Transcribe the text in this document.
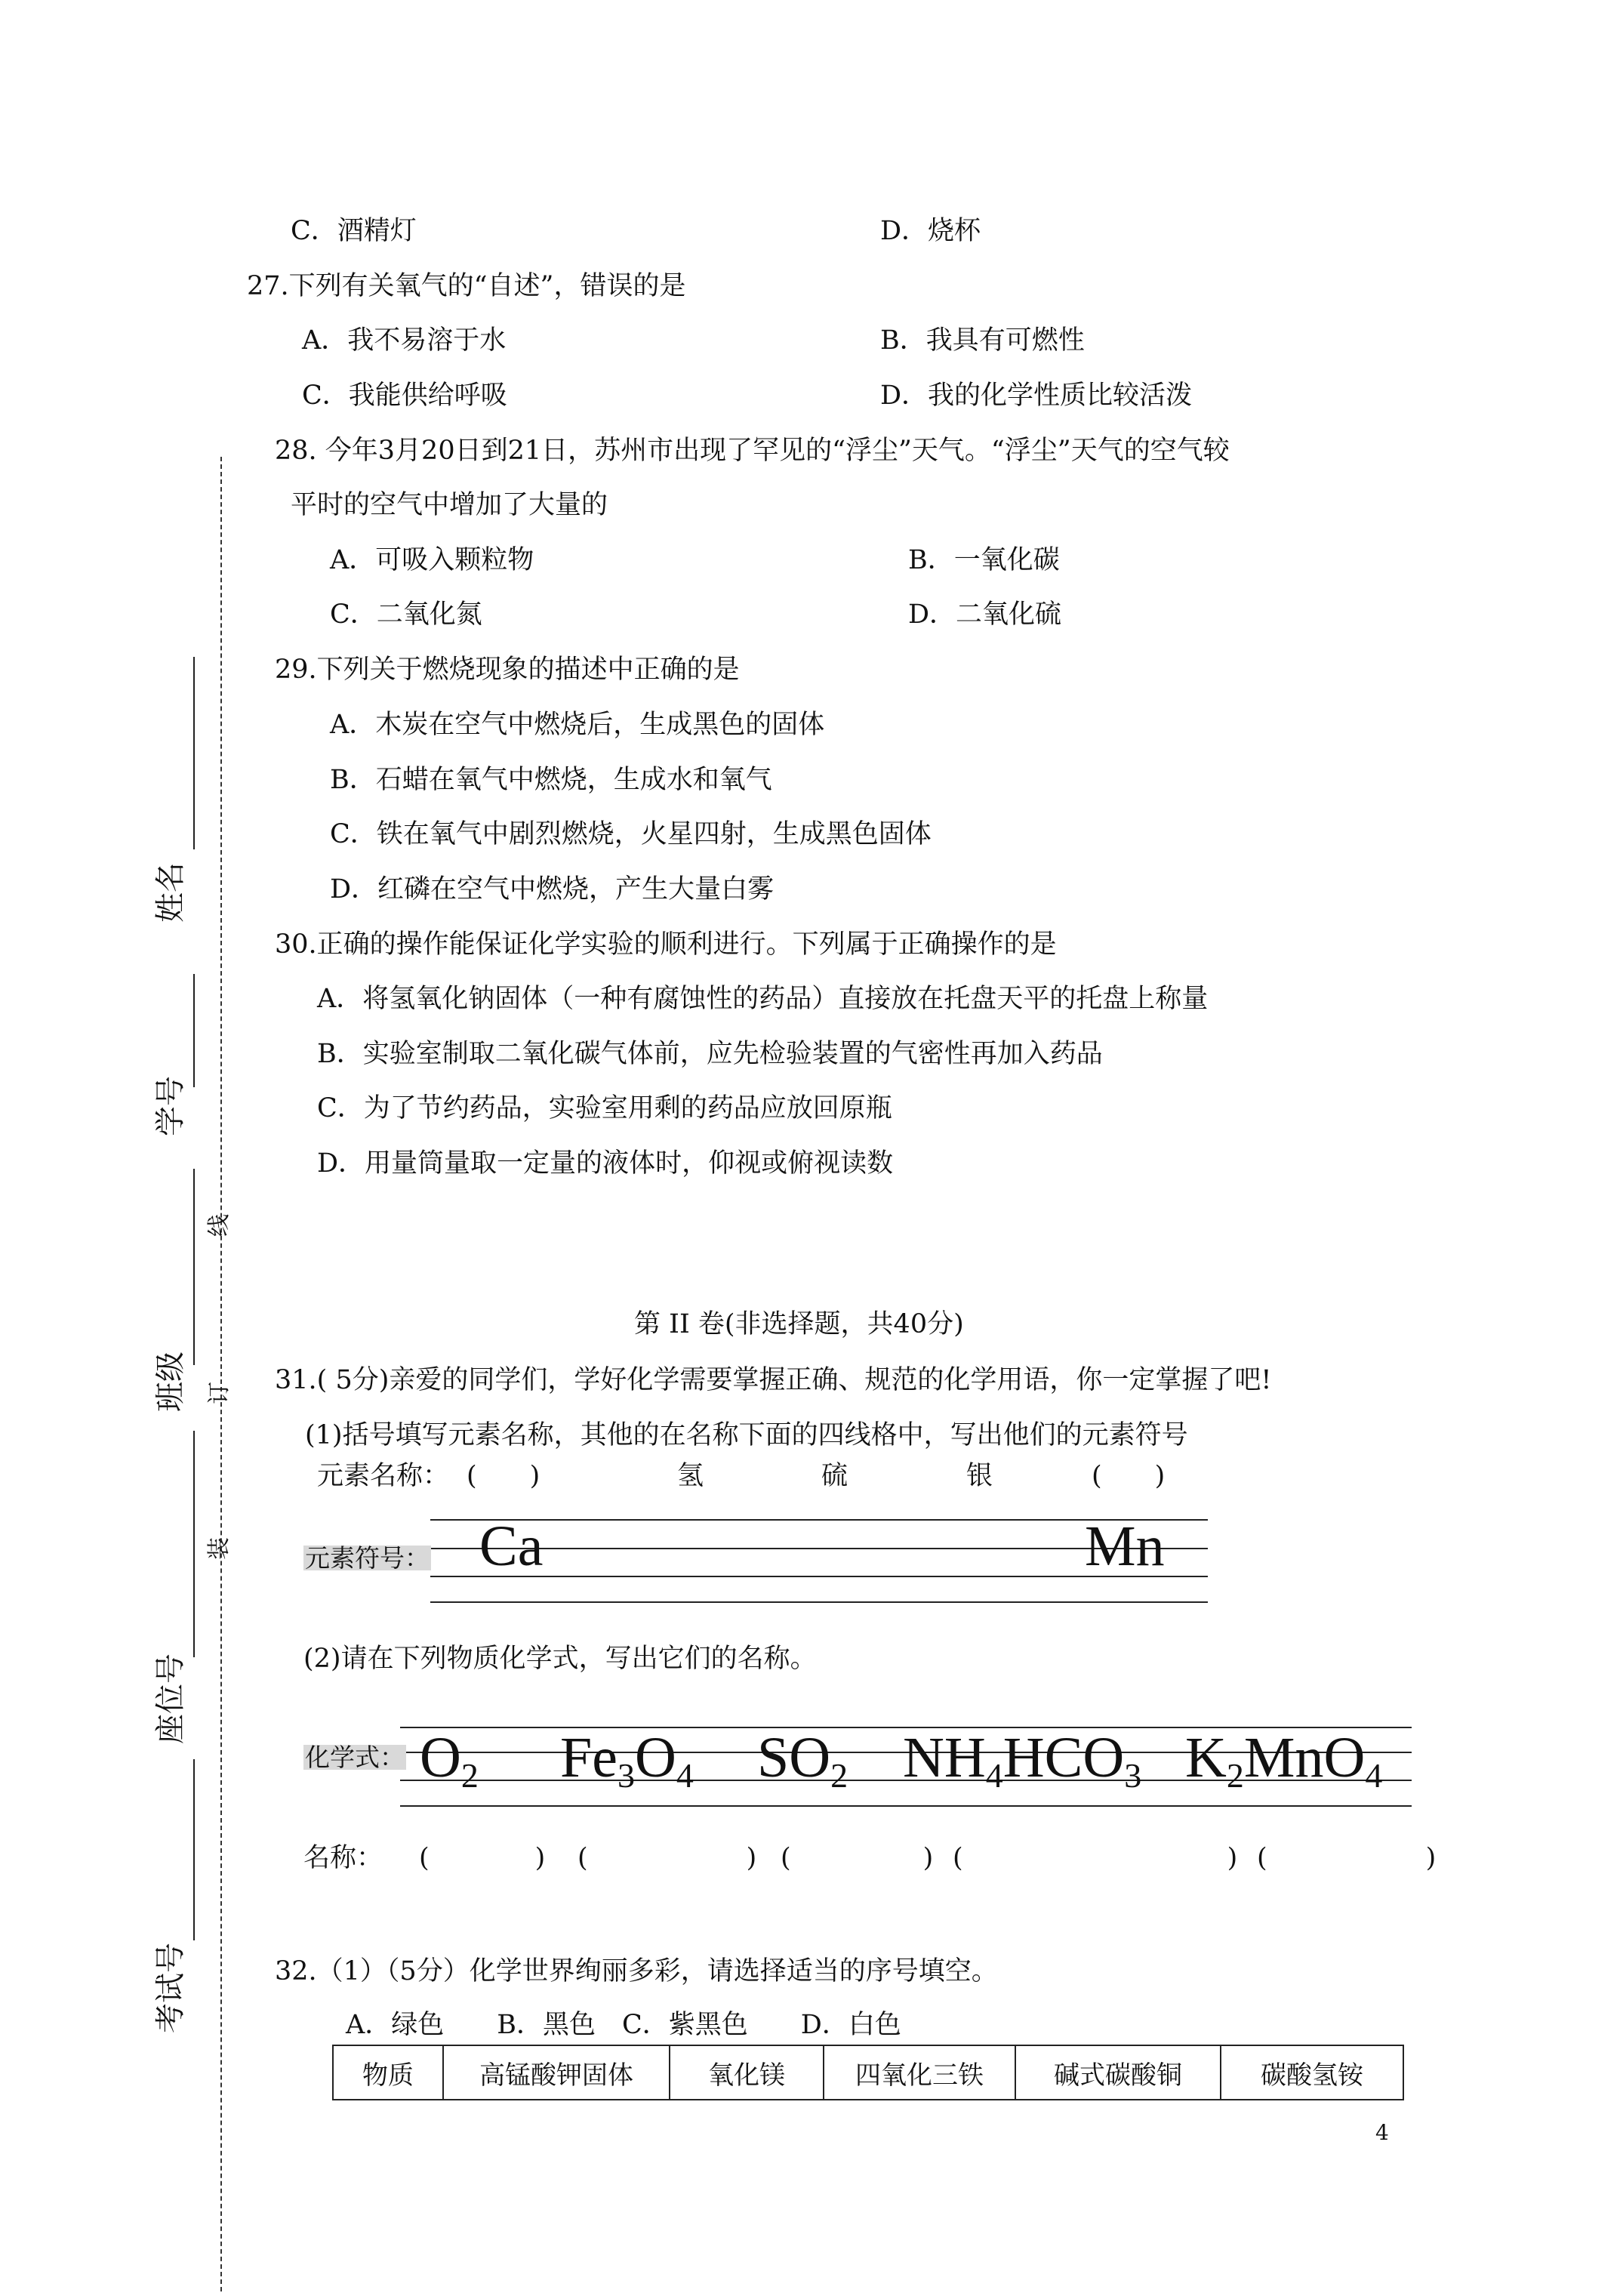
线
订
装
姓名
学号
班级
座位号
考试号
C．酒精灯	D．烧杯
27.下列有关氧气的“自述”，错误的是
A．我不易溶于水	B．我具有可燃性
C．我能供给呼吸	D．我的化学性质比较活泼
28. 今年3月20日到21日，苏州市出现了罕见的“浮尘”天气。“浮尘”天气的空气较
平时的空气中增加了大量的
A．可吸入颗粒物	B．一氧化碳
C．二氧化氮	D．二氧化硫
29.下列关于燃烧现象的描述中正确的是
A．木炭在空气中燃烧后，生成黑色的固体
B．石蜡在氧气中燃烧，生成水和氧气
C．铁在氧气中剧烈燃烧，火星四射，生成黑色固体
D．红磷在空气中燃烧，产生大量白雾
30.正确的操作能保证化学实验的顺利进行。下列属于正确操作的是
A．将氢氧化钠固体（一种有腐蚀性的药品）直接放在托盘天平的托盘上称量
B．实验室制取二氧化碳气体前，应先检验装置的气密性再加入药品
C．为了节约药品，实验室用剩的药品应放回原瓶
D．用量筒量取一定量的液体时，仰视或俯视读数
第 II 卷(非选择题，共40分)
31.( 5分)亲爱的同学们，学好化学需要掌握正确、规范的化学用语，你一定掌握了吧!
(1)括号填写元素名称，其他的在名称下面的四线格中，写出他们的元素符号
元素名称： (　　)	氢	硫	银	(　　)
元素符号： Ca	Mn
(2)请在下列物质化学式，写出它们的名称。
化学式： $O_2$ $Fe_3O_4$ $SO_2$ $NH_4HCO_3$ $K_2MnO_4$
名称： (　　　　) (　　　　　　) (　　　　　) (　　　　　　　　　　) (　　　　　　)
32.（1）（5分）化学世界绚丽多彩，请选择适当的序号填空。
A．绿色　　B．黑色　C．紫黑色　　D．白色
物质	高锰酸钾固体	氧化镁	四氧化三铁	碱式碳酸铜	碳酸氢铵
4
